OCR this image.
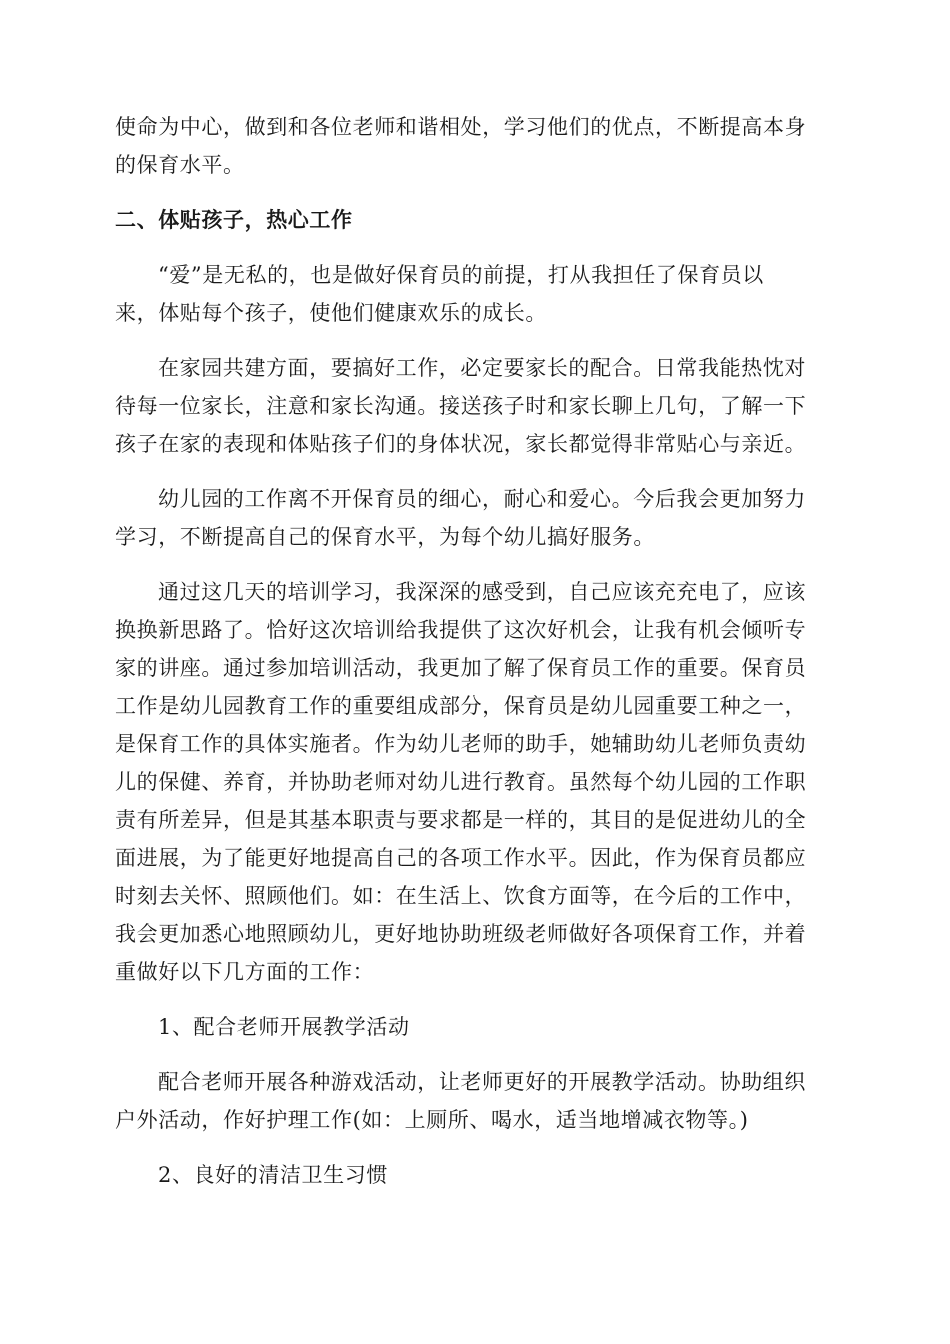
使命为中心，做到和各位老师和谐相处，学习他们的优点，不断提高本身
的保育水平。

二、体贴孩子，热心工作

“爱”是无私的，也是做好保育员的前提，打从我担任了保育员以
来，体贴每个孩子，使他们健康欢乐的成长。

在家园共建方面，要搞好工作，必定要家长的配合。日常我能热忱对
待每一位家长，注意和家长沟通。接送孩子时和家长聊上几句，了解一下
孩子在家的表现和体贴孩子们的身体状况，家长都觉得非常贴心与亲近。

幼儿园的工作离不开保育员的细心，耐心和爱心。今后我会更加努力
学习，不断提高自己的保育水平，为每个幼儿搞好服务。

通过这几天的培训学习，我深深的感受到，自己应该充充电了，应该
换换新思路了。恰好这次培训给我提供了这次好机会，让我有机会倾听专
家的讲座。通过参加培训活动，我更加了解了保育员工作的重要。保育员
工作是幼儿园教育工作的重要组成部分，保育员是幼儿园重要工种之一，
是保育工作的具体实施者。作为幼儿老师的助手，她辅助幼儿老师负责幼
儿的保健、养育，并协助老师对幼儿进行教育。虽然每个幼儿园的工作职
责有所差异，但是其基本职责与要求都是一样的，其目的是促进幼儿的全
面进展，为了能更好地提高自己的各项工作水平。因此，作为保育员都应
时刻去关怀、照顾他们。如：在生活上、饮食方面等，在今后的工作中，
我会更加悉心地照顾幼儿，更好地协助班级老师做好各项保育工作，并着
重做好以下几方面的工作：

1、配合老师开展教学活动

配合老师开展各种游戏活动，让老师更好的开展教学活动。协助组织
户外活动，作好护理工作(如：上厕所、喝水，适当地增减衣物等。)

2、良好的清洁卫生习惯
